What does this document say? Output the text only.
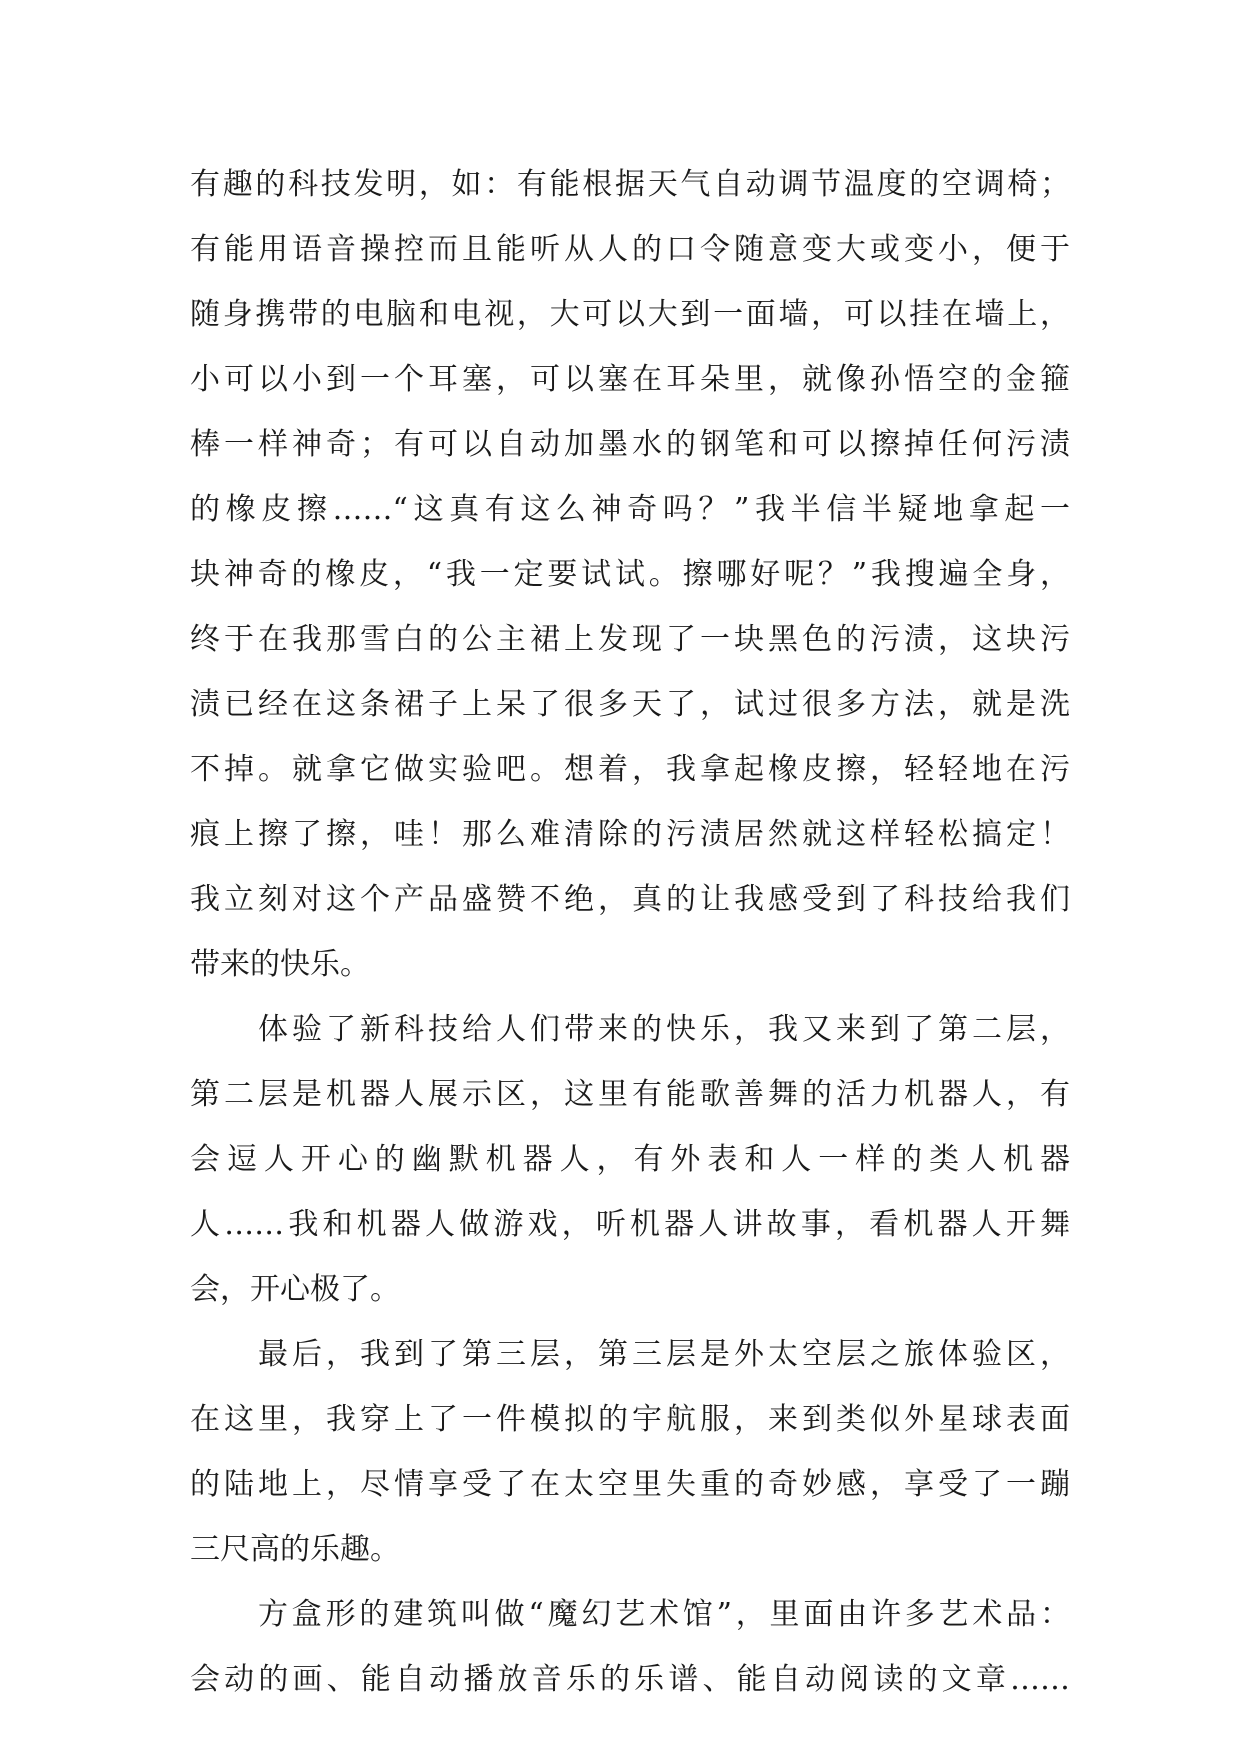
有趣的科技发明，如：有能根据天气自动调节温度的空调椅；
有能用语音操控而且能听从人的口令随意变大或变小，便于
随身携带的电脑和电视，大可以大到一面墙，可以挂在墙上，
小可以小到一个耳塞，可以塞在耳朵里，就像孙悟空的金箍
棒一样神奇；有可以自动加墨水的钢笔和可以擦掉任何污渍
的橡皮擦……“这真有这么神奇吗？”我半信半疑地拿起一
块神奇的橡皮，“我一定要试试。擦哪好呢？”我搜遍全身，
终于在我那雪白的公主裙上发现了一块黑色的污渍，这块污
渍已经在这条裙子上呆了很多天了，试过很多方法，就是洗
不掉。就拿它做实验吧。想着，我拿起橡皮擦，轻轻地在污
痕上擦了擦，哇！那么难清除的污渍居然就这样轻松搞定！
我立刻对这个产品盛赞不绝，真的让我感受到了科技给我们
带来的快乐。
体验了新科技给人们带来的快乐，我又来到了第二层，
第二层是机器人展示区，这里有能歌善舞的活力机器人，有
会逗人开心的幽默机器人，有外表和人一样的类人机器
人……我和机器人做游戏，听机器人讲故事，看机器人开舞
会，开心极了。
最后，我到了第三层，第三层是外太空层之旅体验区，
在这里，我穿上了一件模拟的宇航服，来到类似外星球表面
的陆地上，尽情享受了在太空里失重的奇妙感，享受了一蹦
三尺高的乐趣。
方盒形的建筑叫做“魔幻艺术馆”，里面由许多艺术品：
会动的画、能自动播放音乐的乐谱、能自动阅读的文章……
